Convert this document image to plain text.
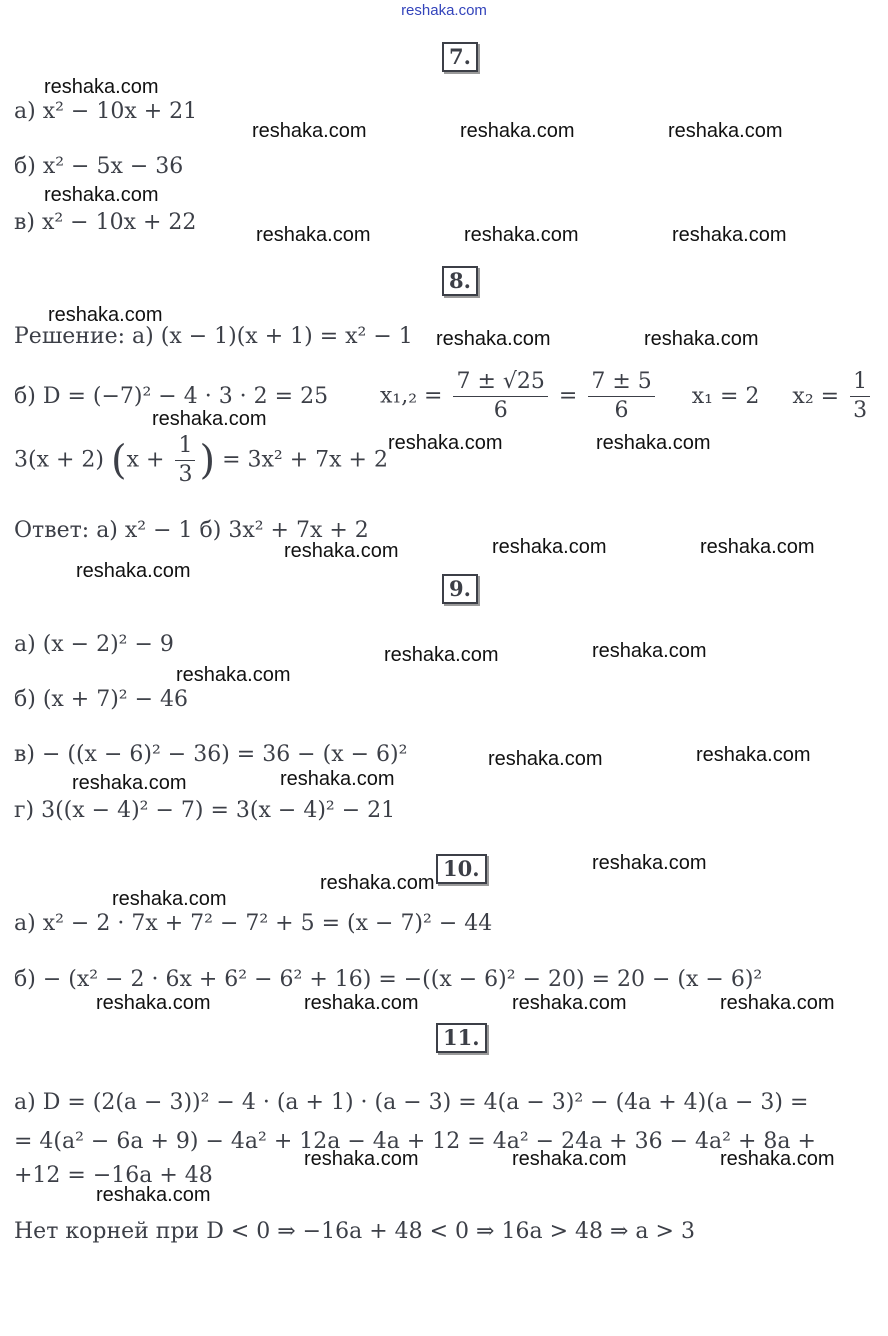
reshaka.com
7.
а) x² − 10x + 21
б) x² − 5x − 36
в) x² − 10x + 22
8.
Решение: а) (x − 1)(x + 1) = x² − 1
б) D = (−7)² − 4 · 3 · 2 = 25 $x_1,_2 = \frac{7 \pm √25}{6} = \frac{7 \pm 5}{6} x_1 = 2$ $x_2 = \frac{1}{3}$
3(x + 2) ($x + \frac{1}{3}$ ) = 3x² + 7x + 2
Ответ: а) x² − 1 б) 3x² + 7x + 2
9.
а) (x − 2)² − 9
б) (x + 7)² − 46
в) − ((x − 6)² − 36) = 36 − (x − 6)²
г) 3((x − 4)² − 7) = 3(x − 4)² − 21
10.
а) x² − 2 · 7x + 7² − 7² + 5 = (x − 7)² − 44
б) − (x² − 2 · 6x + 6² − 6² + 16) = −((x − 6)² − 20) = 20 − (x − 6)²
11.
а) D = (2(a − 3))² − 4 · (a + 1) · (a − 3) = 4(a − 3)² − (4a + 4)(a − 3) =
= 4(a² − 6a + 9) − 4a² + 12a − 4a + 12 = 4a² − 24a + 36 − 4a² + 8a +
+12 = −16a + 48
Нет корней при D < 0 ⇒ −16a + 48 < 0 ⇒ 16a > 48 ⇒ a > 3
reshaka.com
reshaka.com	reshaka.com	reshaka.com
reshaka.com
reshaka.com	reshaka.com	reshaka.com
reshaka.com
reshaka.com	reshaka.com
reshaka.com
reshaka.com	reshaka.com
reshaka.com	reshaka.com	reshaka.com
reshaka.com
reshaka.com	reshaka.com
reshaka.com
reshaka.com	reshaka.com
reshaka.com
reshaka.com
reshaka.com
reshaka.com
reshaka.com
reshaka.com	reshaka.com	reshaka.com	reshaka.com
reshaka.com	reshaka.com	reshaka.com
reshaka.com
